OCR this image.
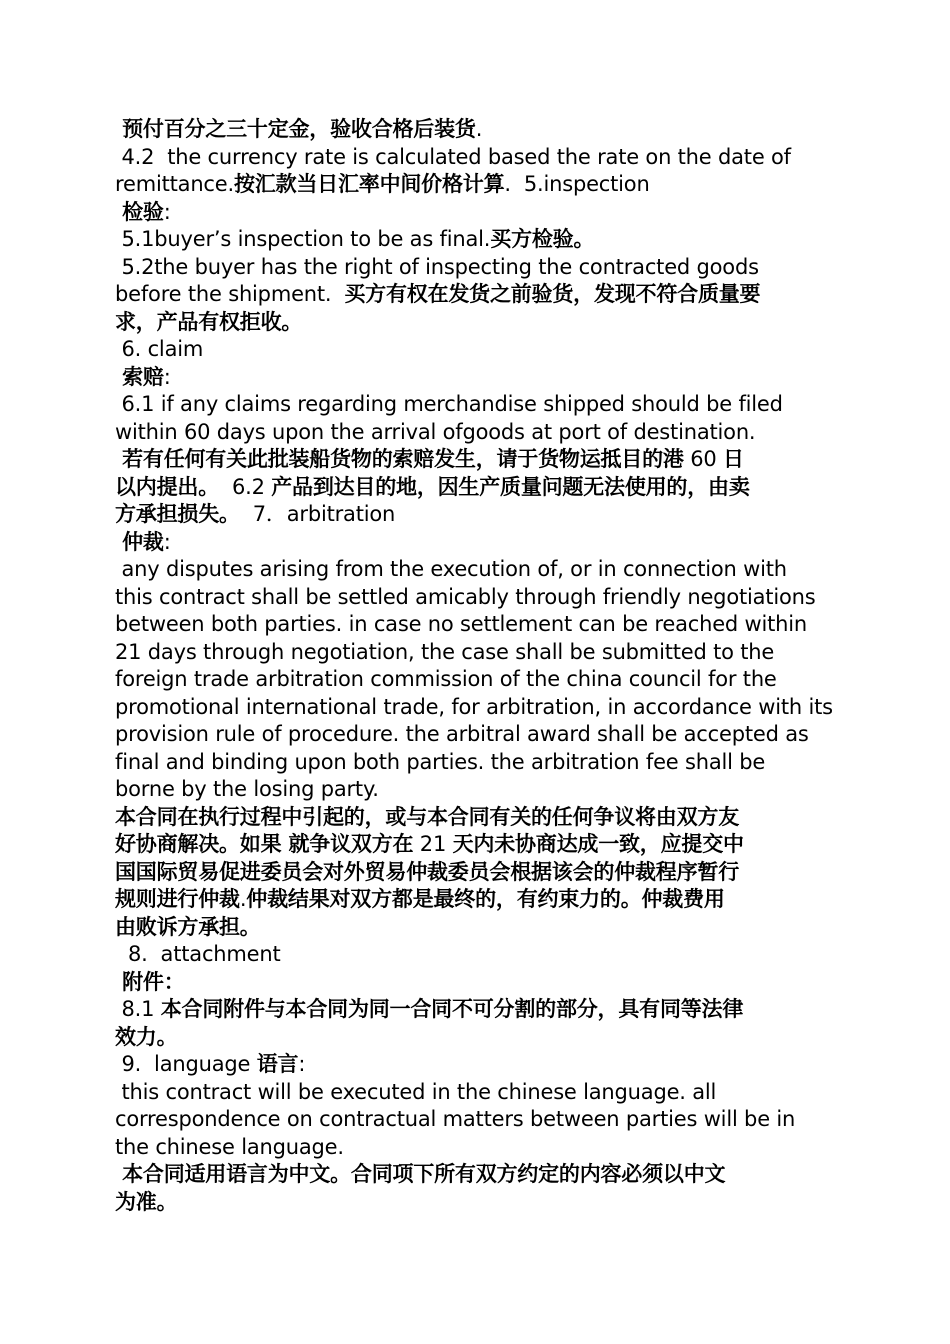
预付百分之三十定金，验收合格后装货.
4.2  the currency rate is calculated based the rate on the date of
remittance.按汇款当日汇率中间价格计算.  5.inspection
检验:
5.1buyer’s inspection to be as final.买方检验。
5.2the buyer has the right of inspecting the contracted goods
before the shipment.  买方有权在发货之前验货，发现不符合质量要
求，产品有权拒收。
6. claim
索赔:
6.1 if any claims regarding merchandise shipped should be filed
within 60 days upon the arrival ofgoods at port of destination.
若有任何有关此批装船货物的索赔发生，请于货物运抵目的港 60 日
以内提出。  6.2 产品到达目的地，因生产质量问题无法使用的，由卖
方承担损失。  7．arbitration
仲裁:
any disputes arising from the execution of, or in connection with
this contract shall be settled amicably through friendly negotiations
between both parties. in case no settlement can be reached within
21 days through negotiation, the case shall be submitted to the
foreign trade arbitration commission of the china council for the
promotional international trade, for arbitration, in accordance with its
provision rule of procedure. the arbitral award shall be accepted as
final and binding upon both parties. the arbitration fee shall be
borne by the losing party.
本合同在执行过程中引起的，或与本合同有关的任何争议将由双方友
好协商解决。如果 就争议双方在 21 天内未协商达成一致，应提交中
国国际贸易促进委员会对外贸易仲裁委员会根据该会的仲裁程序暂行
规则进行仲裁.仲裁结果对双方都是最终的，有约束力的。仲裁费用
由败诉方承担。
8.  attachment
附件：
8.1 本合同附件与本合同为同一合同不可分割的部分，具有同等法律
效力。
9.  language 语言:
this contract will be executed in the chinese language. all
correspondence on contractual matters between parties will be in
the chinese language.
本合同适用语言为中文。合同项下所有双方约定的内容必须以中文
为准。
